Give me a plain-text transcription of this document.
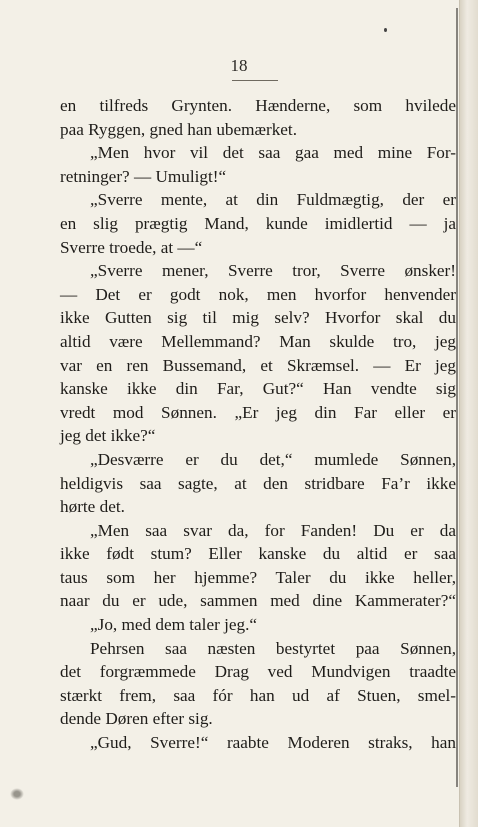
18
en tilfreds Grynten. Hænderne, som hvilede
paa Ryggen, gned han ubemærket.
„Men hvor vil det saa gaa med mine For-
retninger? — Umuligt!“
„Sverre mente, at din Fuldmægtig, der er
en slig prægtig Mand, kunde imidlertid — ja
Sverre troede, at —“
„Sverre mener, Sverre tror, Sverre ønsker!
— Det er godt nok, men hvorfor henvender
ikke Gutten sig til mig selv? Hvorfor skal du
altid være Mellemmand? Man skulde tro, jeg
var en ren Bussemand, et Skræmsel. — Er jeg
kanske ikke din Far, Gut?“ Han vendte sig
vredt mod Sønnen. „Er jeg din Far eller er
jeg det ikke?“
„Desværre er du det,“ mumlede Sønnen,
heldigvis saa sagte, at den stridbare Fa’r ikke
hørte det.
„Men saa svar da, for Fanden! Du er da
ikke født stum? Eller kanske du altid er saa
taus som her hjemme? Taler du ikke heller,
naar du er ude, sammen med dine Kammerater?“
„Jo, med dem taler jeg.“
Pehrsen saa næsten bestyrtet paa Sønnen,
det forgræmmede Drag ved Mundvigen traadte
stærkt frem, saa fór han ud af Stuen, smel-
dende Døren efter sig.
„Gud, Sverre!“ raabte Moderen straks, han
